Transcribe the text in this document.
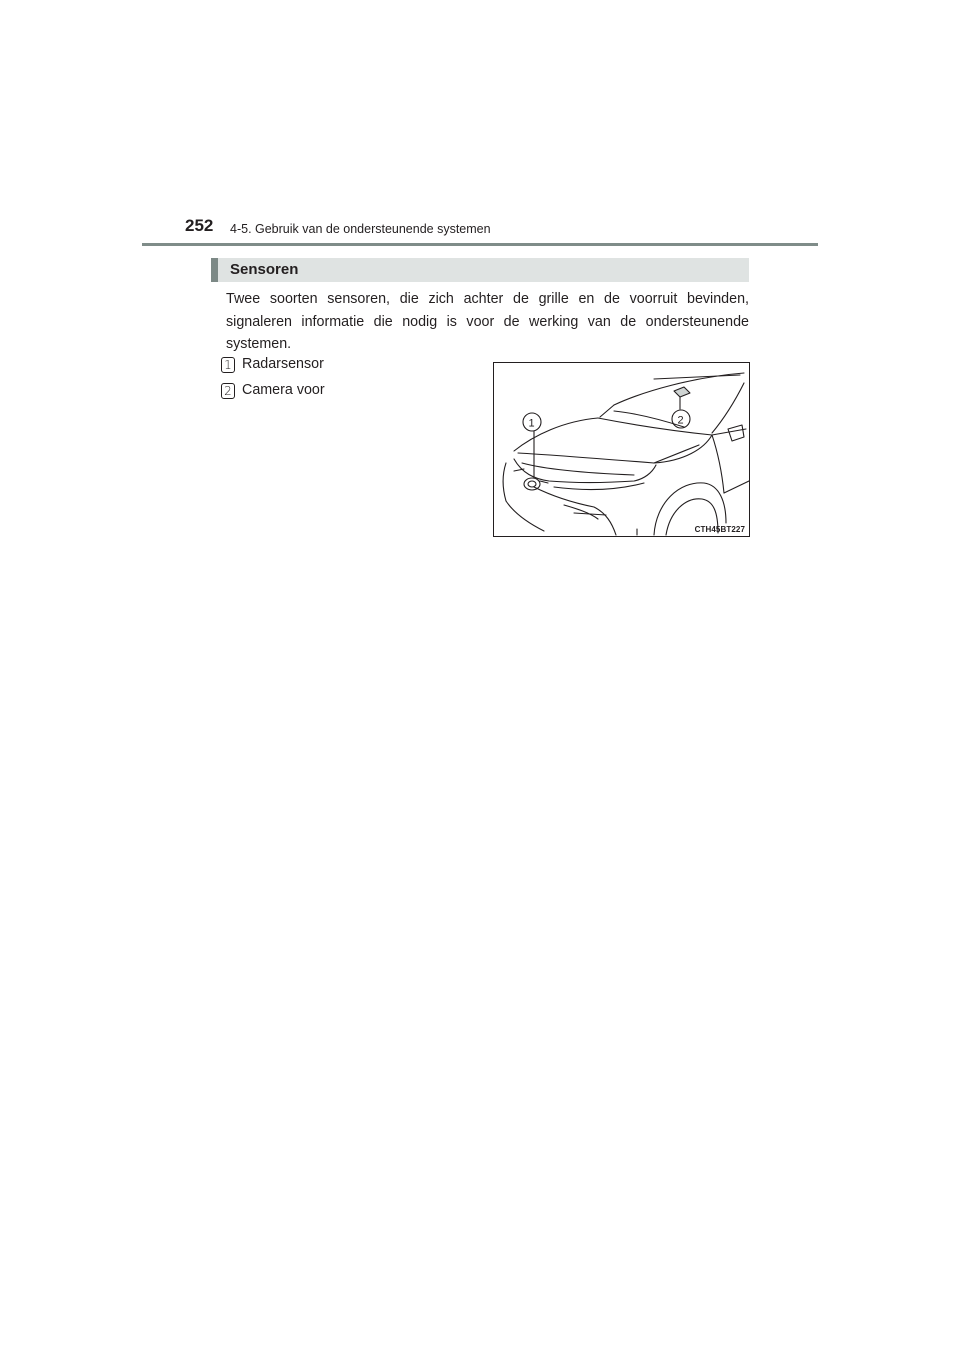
252 4-5. Gebruik van de ondersteunende systemen
Sensoren

Twee soorten sensoren, die zich achter de grille en de voorruit bevinden, signaleren informatie die nodig is voor de werking van de ondersteunende systemen.

1 Radarsensor
2 Camera voor
1	2
CTH45BT227
